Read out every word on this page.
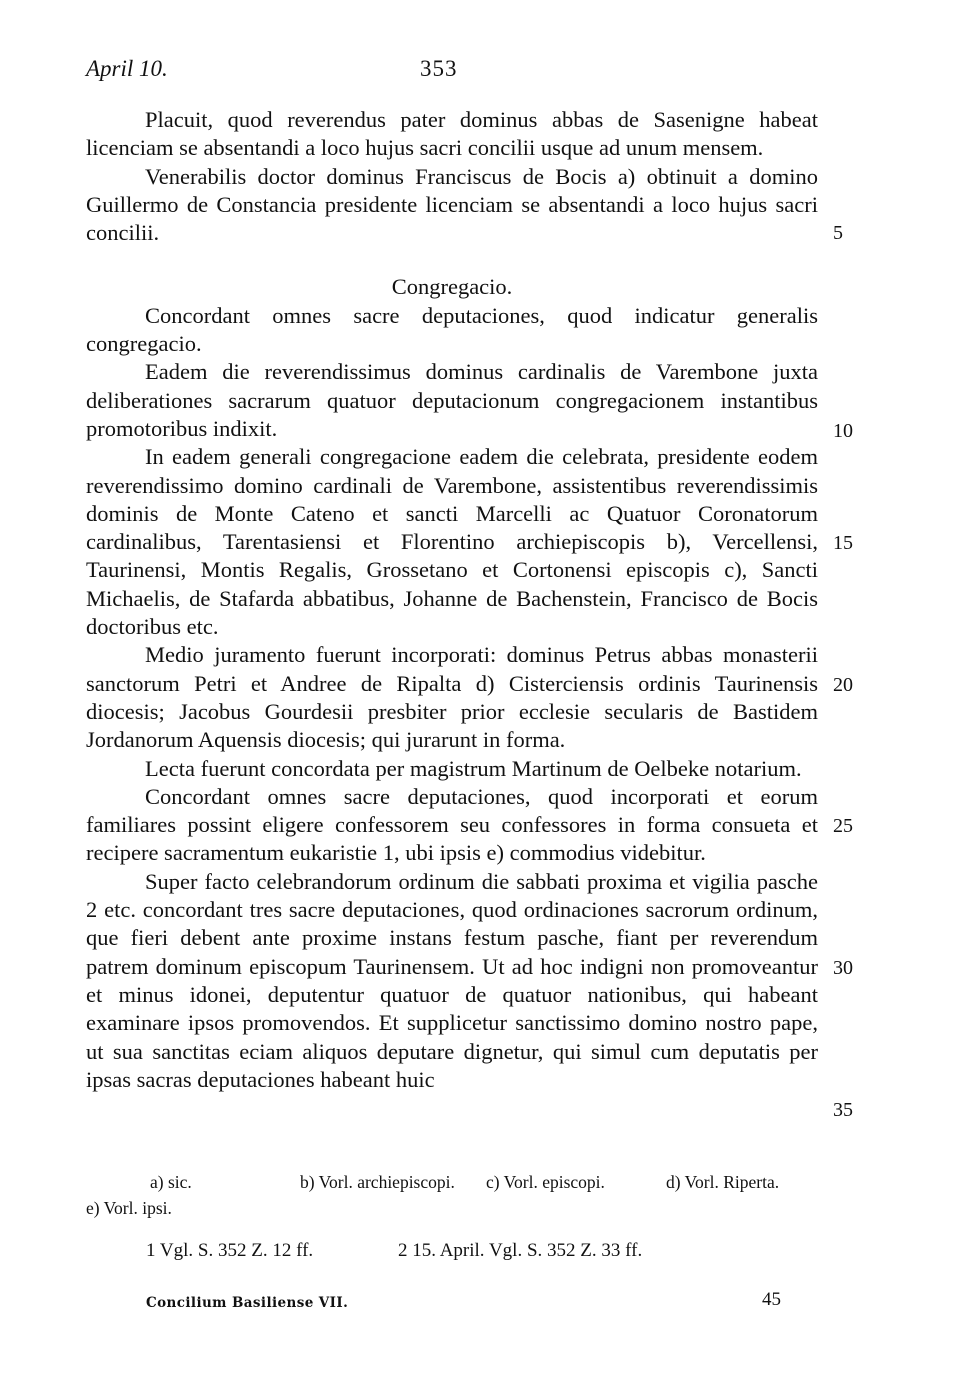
April 10.	353

Placuit, quod reverendus pater dominus abbas de Sasenigne habeat licenciam se absentandi a loco hujus sacri concilii usque ad unum mensem.

Venerabilis doctor dominus Franciscus de Bocis a) obtinuit a domino Guillermo de Constancia presidente licenciam se absentandi a loco hujus sacri concilii.

Congregacio.

Concordant omnes sacre deputaciones, quod indicatur generalis congregacio.

Eadem die reverendissimus dominus cardinalis de Varembone juxta deliberationes sacrarum quatuor deputacionum congregacionem instantibus promotoribus indixit.

In eadem generali congregacione eadem die celebrata, presidente eodem reverendissimo domino cardinali de Varembone, assistentibus reverendissimis dominis de Monte Cateno et sancti Marcelli ac Quatuor Coronatorum cardinalibus, Tarentasiensi et Florentino archiepiscopis b), Vercellensi, Taurinensi, Montis Regalis, Grossetano et Cortonensi episcopis c), Sancti Michaelis, de Stafarda abbatibus, Johanne de Bachenstein, Francisco de Bocis doctoribus etc.

Medio juramento fuerunt incorporati: dominus Petrus abbas monasterii sanctorum Petri et Andree de Ripalta d) Cisterciensis ordinis Taurinensis diocesis; Jacobus Gourdesii presbiter prior ecclesie secularis de Bastidem Jordanorum Aquensis diocesis; qui jurarunt in forma.

Lecta fuerunt concordata per magistrum Martinum de Oelbeke notarium.

Concordant omnes sacre deputaciones, quod incorporati et eorum familiares possint eligere confessorem seu confessores in forma consueta et recipere sacramentum eukaristie 1, ubi ipsis e) commodius videbitur.

Super facto celebrandorum ordinum die sabbati proxima et vigilia pasche 2 etc. concordant tres sacre deputaciones, quod ordinaciones sacrorum ordinum, que fieri debent ante proxime instans festum pasche, fiant per reverendum patrem dominum episcopum Taurinensem. Ut ad hoc indigni non promoveantur et minus idonei, deputentur quatuor de quatuor nationibus, qui habeant examinare ipsos promovendos. Et supplicetur sanctissimo domino nostro pape, ut sua sanctitas eciam aliquos deputare dignetur, qui simul cum deputatis per ipsas sacras deputaciones habeant huic

5
10
15
20
25
30
35
a) sic.	b) Vorl. archiepiscopi.	c) Vorl. episcopi.	d) Vorl. Riperta.
e) Vorl. ipsi.
1 Vgl. S. 352 Z. 12 ff.	2 15. April. Vgl. S. 352 Z. 33 ff.
Concilium Basiliense VII.	45
